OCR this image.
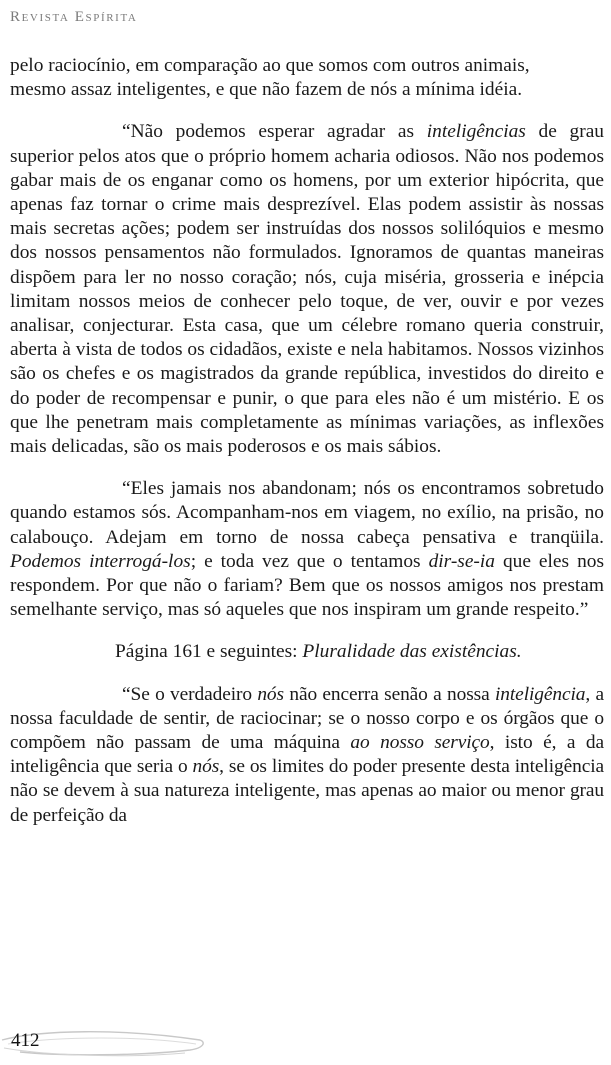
Revista Espírita

pelo raciocínio, em comparação ao que somos com outros animais,
mesmo assaz inteligentes, e que não fazem de nós a mínima idéia.

“Não podemos esperar agradar as inteligências de grau superior pelos atos que o próprio homem acharia odiosos. Não nos podemos gabar mais de os enganar como os homens, por um exterior hipócrita, que apenas faz tornar o crime mais desprezível. Elas podem assistir às nossas mais secretas ações; podem ser instruídas dos nossos solilóquios e mesmo dos nossos pensamentos não formulados. Ignoramos de quantas maneiras dispõem para ler no nosso coração; nós, cuja miséria, grosseria e inépcia limitam nossos meios de conhecer pelo toque, de ver, ouvir e por vezes analisar, conjecturar. Esta casa, que um célebre romano queria construir, aberta à vista de todos os cidadãos, existe e nela habitamos. Nossos vizinhos são os chefes e os magistrados da grande república, investidos do direito e do poder de recompensar e punir, o que para eles não é um mistério. E os que lhe penetram mais completamente as mínimas variações, as inflexões mais delicadas, são os mais poderosos e os mais sábios.

“Eles jamais nos abandonam; nós os encontramos sobretudo quando estamos sós. Acompanham-nos em viagem, no exílio, na prisão, no calabouço. Adejam em torno de nossa cabeça pensativa e tranqüila. Podemos interrogá-los; e toda vez que o tentamos dir-se-ia que eles nos respondem. Por que não o fariam? Bem que os nossos amigos nos prestam semelhante serviço, mas só aqueles que nos inspiram um grande respeito.”

Página 161 e seguintes: Pluralidade das existências.

“Se o verdadeiro nós não encerra senão a nossa inteligência, a nossa faculdade de sentir, de raciocinar; se o nosso corpo e os órgãos que o compõem não passam de uma máquina ao nosso serviço, isto é, a da inteligência que seria o nós, se os limites do poder presente desta inteligência não se devem à sua natureza inteligente, mas apenas ao maior ou menor grau de perfeição da

412
